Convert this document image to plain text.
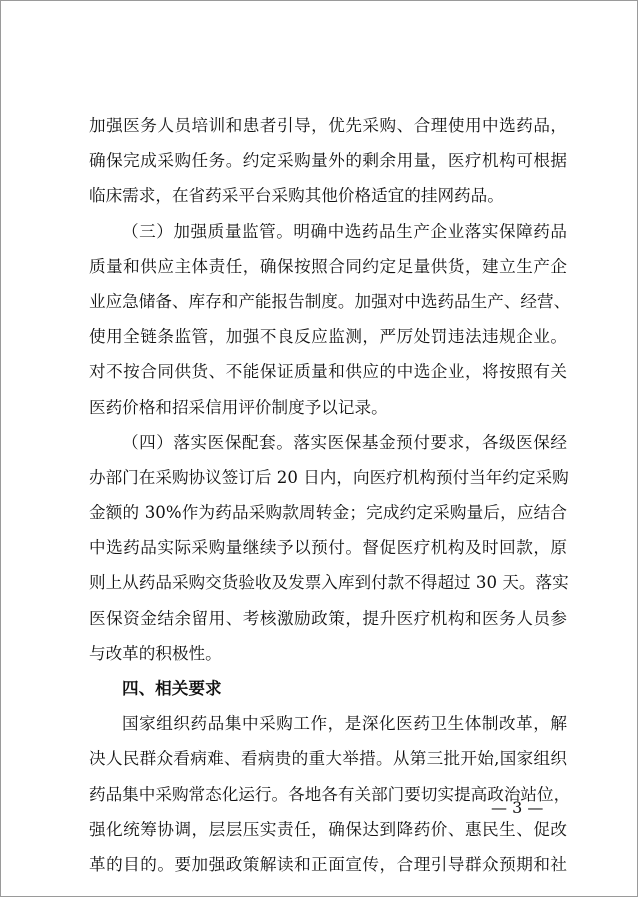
加强医务人员培训和患者引导，优先采购、合理使用中选药品，
确保完成采购任务。约定采购量外的剩余用量，医疗机构可根据
临床需求，在省药采平台采购其他价格适宜的挂网药品。
（三）加强质量监管。明确中选药品生产企业落实保障药品
质量和供应主体责任，确保按照合同约定足量供货，建立生产企
业应急储备、库存和产能报告制度。加强对中选药品生产、经营、
使用全链条监管，加强不良反应监测，严厉处罚违法违规企业。
对不按合同供货、不能保证质量和供应的中选企业，将按照有关
医药价格和招采信用评价制度予以记录。
（四）落实医保配套。落实医保基金预付要求，各级医保经
办部门在采购协议签订后 20 日内，向医疗机构预付当年约定采购
金额的 30%作为药品采购款周转金；完成约定采购量后，应结合
中选药品实际采购量继续予以预付。督促医疗机构及时回款，原
则上从药品采购交货验收及发票入库到付款不得超过 30 天。落实
医保资金结余留用、考核激励政策，提升医疗机构和医务人员参
与改革的积极性。
四、相关要求
国家组织药品集中采购工作，是深化医药卫生体制改革，解
决人民群众看病难、看病贵的重大举措。从第三批开始,国家组织
药品集中采购常态化运行。各地各有关部门要切实提高政治站位，
强化统筹协调，层层压实责任，确保达到降药价、惠民生、促改
革的目的。要加强政策解读和正面宣传，合理引导群众预期和社
— 3 —
